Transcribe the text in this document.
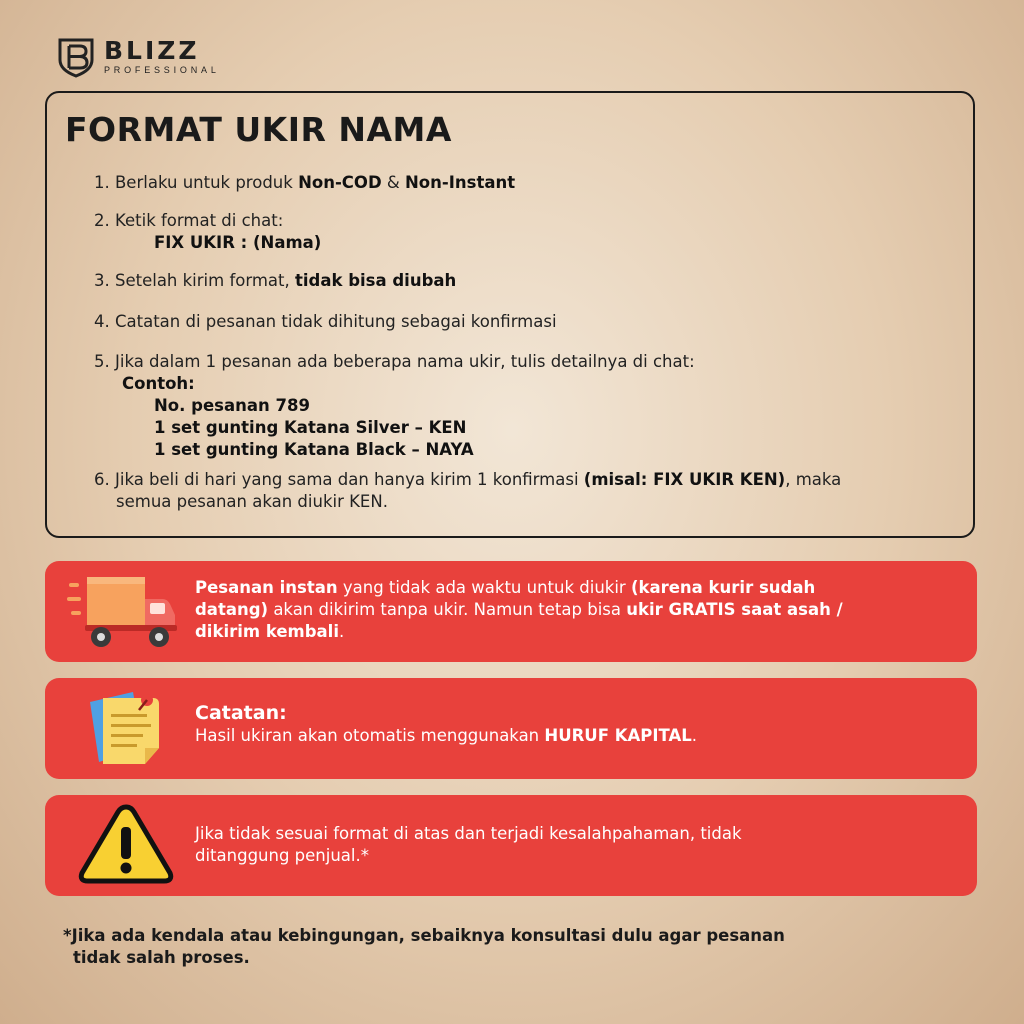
BLIZZ
PROFESSIONAL
FORMAT UKIR NAMA
1. Berlaku untuk produk Non-COD & Non-Instant
2. Ketik format di chat:
FIX UKIR : (Nama)
3. Setelah kirim format, tidak bisa diubah
4. Catatan di pesanan tidak dihitung sebagai konfirmasi
5. Jika dalam 1 pesanan ada beberapa nama ukir, tulis detailnya di chat:
Contoh:
No. pesanan 789
1 set gunting Katana Silver – KEN
1 set gunting Katana Black – NAYA
6. Jika beli di hari yang sama dan hanya kirim 1 konfirmasi (misal: FIX UKIR KEN), maka
semua pesanan akan diukir KEN.
Pesanan instan yang tidak ada waktu untuk diukir (karena kurir sudah
datang) akan dikirim tanpa ukir. Namun tetap bisa ukir GRATIS saat asah /
dikirim kembali.
Catatan:
Hasil ukiran akan otomatis menggunakan HURUF KAPITAL.
Jika tidak sesuai format di atas dan terjadi kesalahpahaman, tidak
ditanggung penjual.*
*Jika ada kendala atau kebingungan, sebaiknya konsultasi dulu agar pesanan
tidak salah proses.
